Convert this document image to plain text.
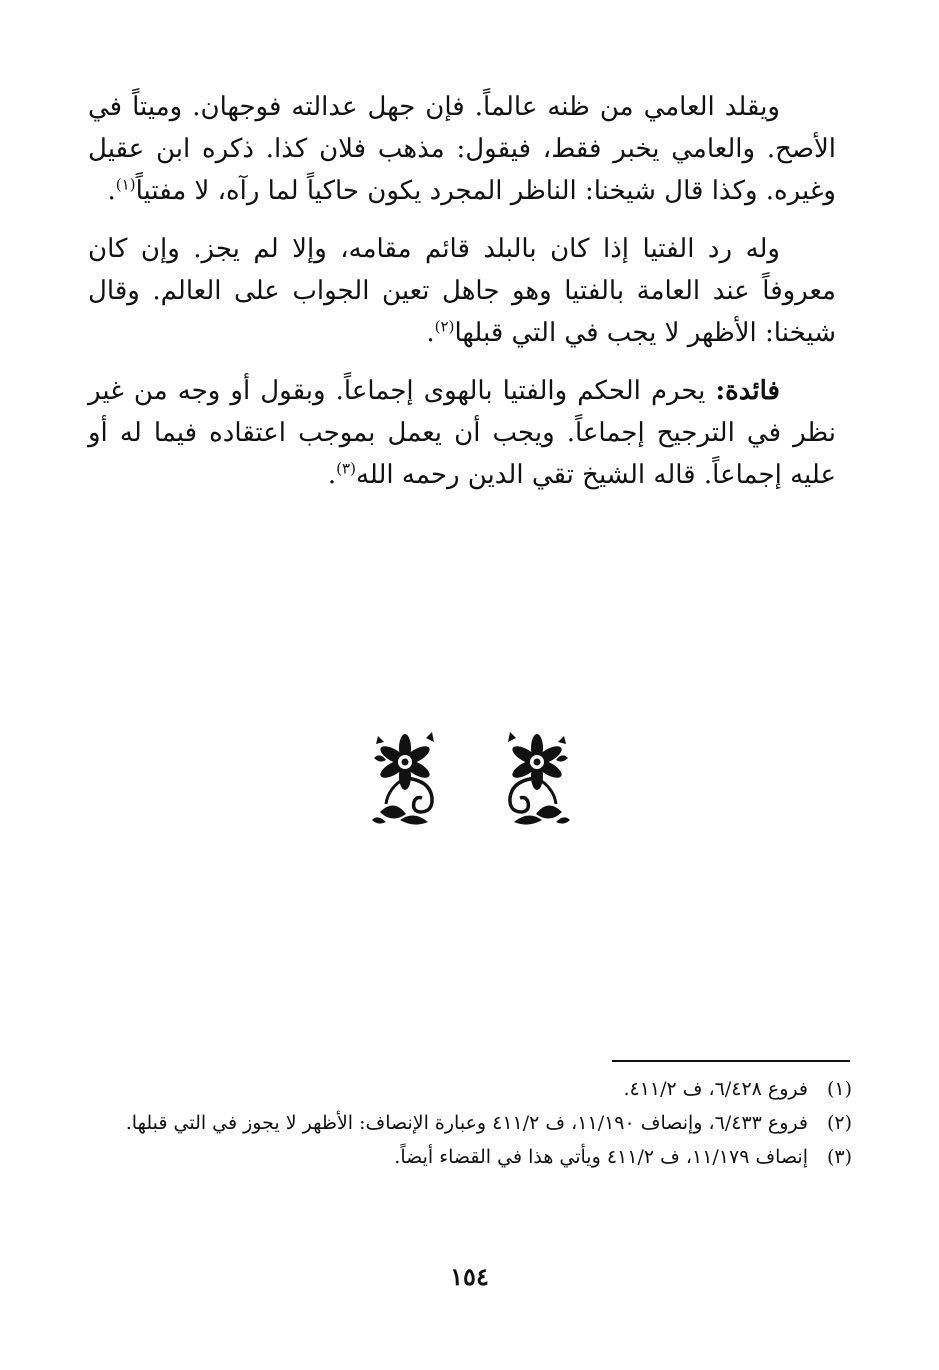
ويقلد العامي من ظنه عالماً. فإن جهل عدالته فوجهان. وميتاً في الأصح. والعامي يخبر فقط، فيقول: مذهب فلان كذا. ذكره ابن عقيل وغيره. وكذا قال شيخنا: الناظر المجرد يكون حاكياً لما رآه، لا مفتياً$^{(١)}$.

وله رد الفتيا إذا كان بالبلد قائم مقامه، وإلا لم يجز. وإن كان معروفاً عند العامة بالفتيا وهو جاهل تعين الجواب على العالم. وقال شيخنا: الأظهر لا يجب في التي قبلها$^{(٢)}$.

فائدة: يحرم الحكم والفتيا بالهوى إجماعاً. وبقول أو وجه من غير نظر في الترجيح إجماعاً. ويجب أن يعمل بموجب اعتقاده فيما له أو عليه إجماعاً. قاله الشيخ تقي الدين رحمه الله$^{(٣)}$.

(١)
فروع ٦/٤٢٨، ف ٤١١/٢.
(٢)
فروع ٦/٤٣٣، وإنصاف ١١/١٩٠، ف ٤١١/٢ وعبارة الإنصاف: الأظهر لا يجوز في التي قبلها.
(٣)
إنصاف ١١/١٧٩، ف ٤١١/٢ ويأتي هذا في القضاء أيضاً.
١٥٤
